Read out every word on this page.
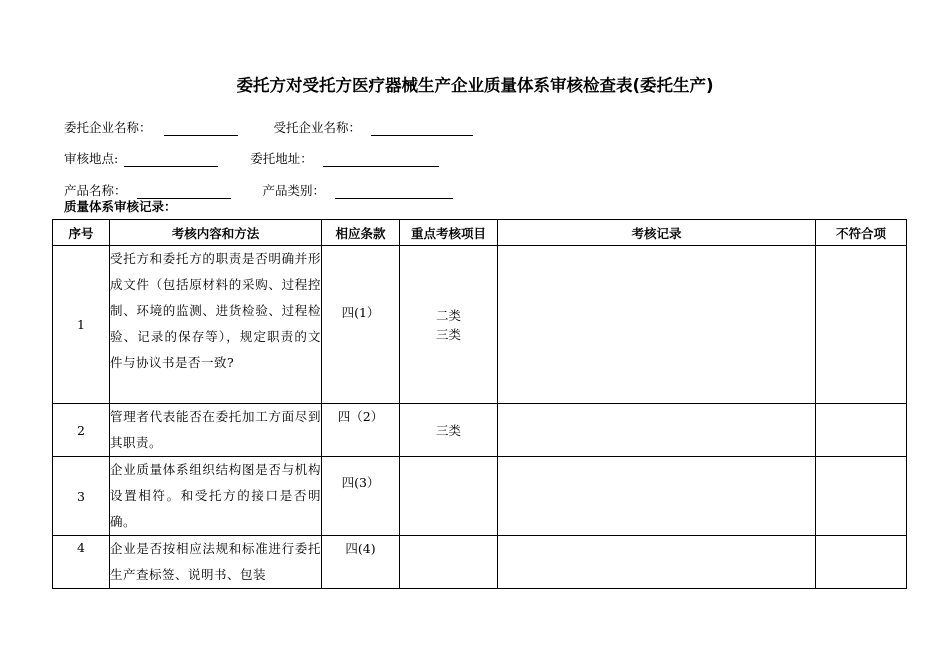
委托方对受托方医疗器械生产企业质量体系审核检查表(委托生产)
委托企业名称：	受托企业名称：
审核地点:	委托地址：
产品名称：	产品类别：
质量体系审核记录：
序号	考核内容和方法	相应条款	重点考核项目	考核记录	不符合项
1	受托方和委托方的职责是否明确并形成文件（包括原材料的采购、过程控制、环境的监测、进货检验、过程检验、记录的保存等），规定职责的文件与协议书是否一致?	四(1）	二类
三类		

2	管理者代表能否在委托加工方面尽到其职责。	四（2）	三类		

3	企业质量体系组织结构图是否与机构设置相符。和受托方的接口是否明确。	四(3）	

4	企业是否按相应法规和标准进行委托生产查标签、说明书、包装	四(4)	
